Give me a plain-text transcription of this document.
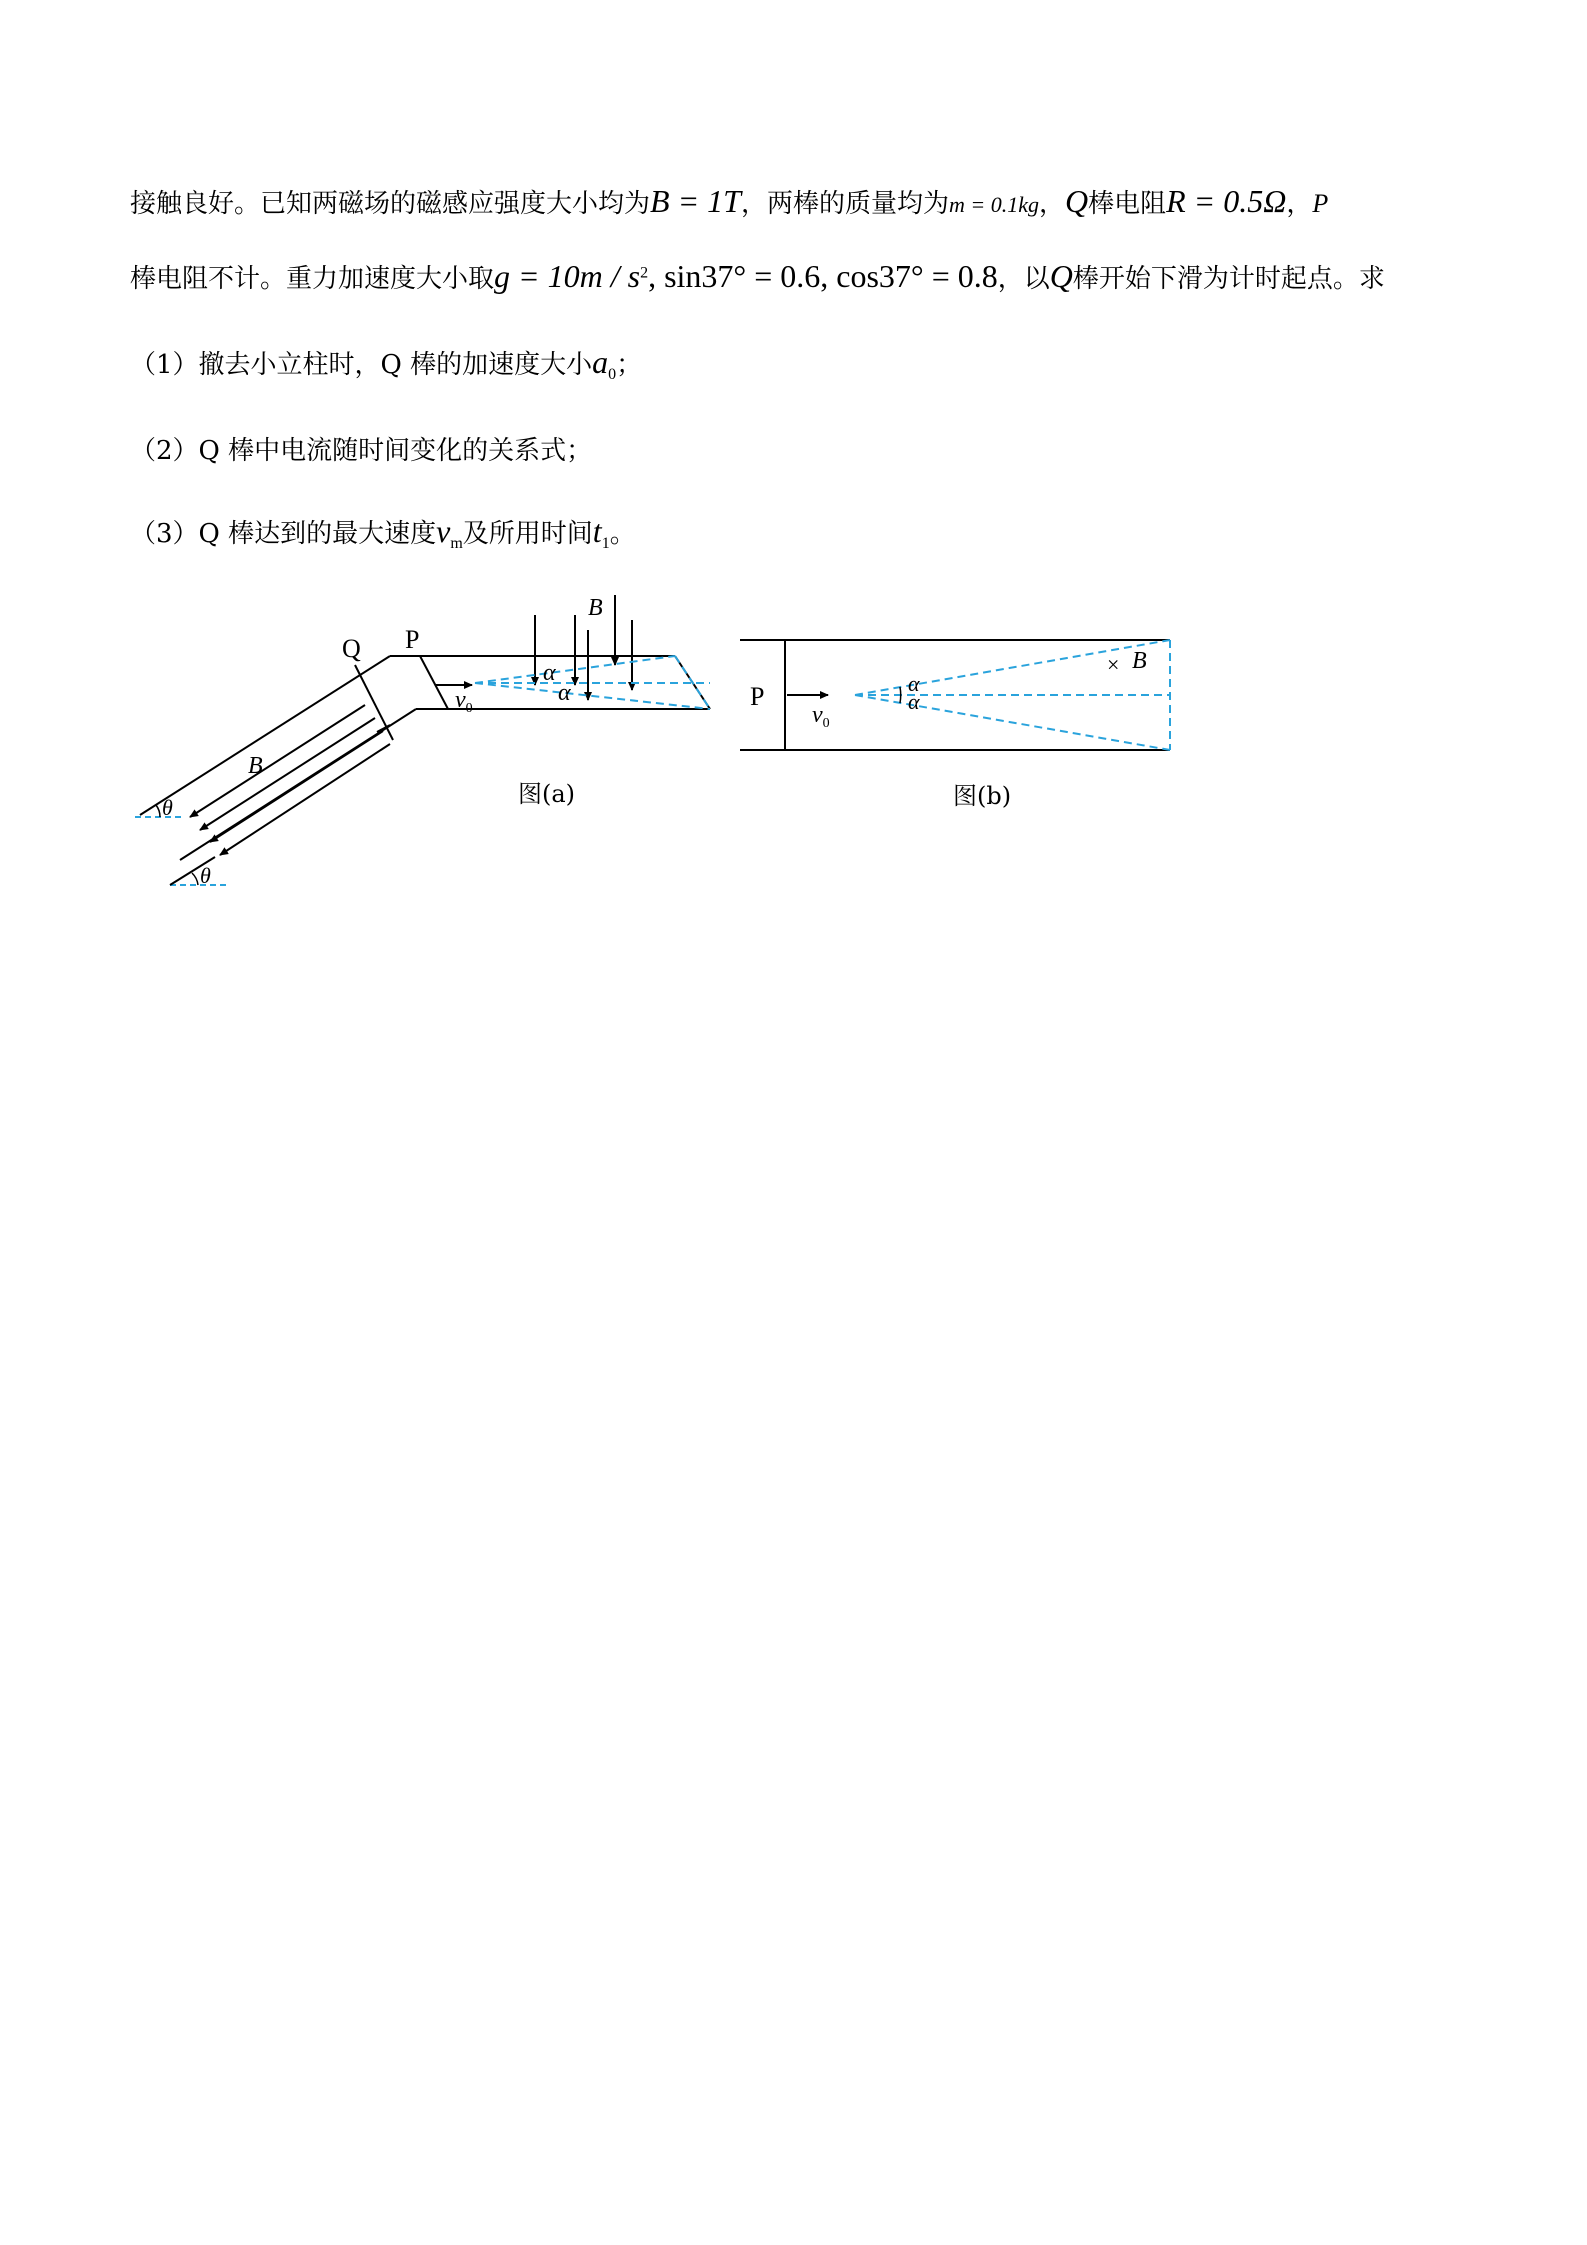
接触良好。已知两磁场的磁感应强度大小均为B = 1T，两棒的质量均为m = 0.1kg，Q棒电阻R = 0.5Ω，P
棒电阻不计。重力加速度大小取$g = 10m / s^2$, sin37° = 0.6, cos37° = 0.8，以Q棒开始下滑为计时起点。求
（1）撤去小立柱时，Q 棒的加速度大小$a_0$；
（2）Q 棒中电流随时间变化的关系式；
（3）Q 棒达到的最大速度$v_m$及所用时间$t_1$。
Q P
B
B
$v_0$
α
α
θ
θ
图(a)
P
$v_0$
α
α
× B
图(b)
